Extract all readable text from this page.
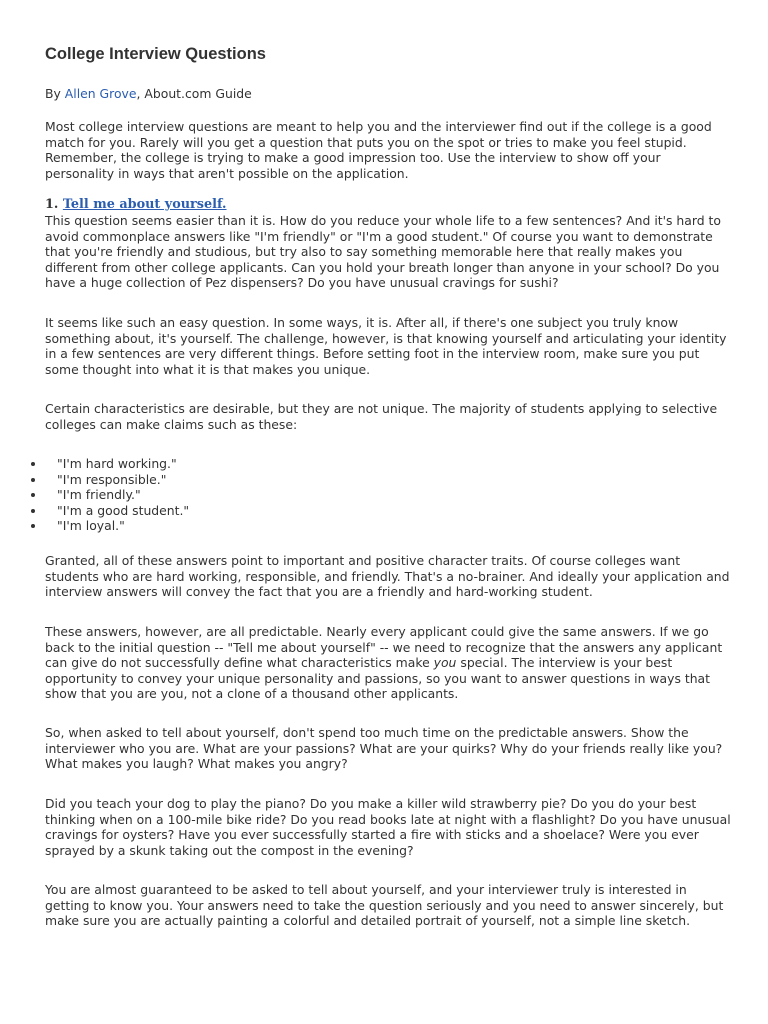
College Interview Questions

By Allen Grove, About.com Guide

Most college interview questions are meant to help you and the interviewer find out if the college is a good match for you. Rarely will you get a question that puts you on the spot or tries to make you feel stupid. Remember, the college is trying to make a good impression too. Use the interview to show off your personality in ways that aren't possible on the application.

1. Tell me about yourself.

This question seems easier than it is. How do you reduce your whole life to a few sentences? And it's hard to avoid commonplace answers like "I'm friendly" or "I'm a good student." Of course you want to demonstrate that you're friendly and studious, but try also to say something memorable here that really makes you different from other college applicants. Can you hold your breath longer than anyone in your school? Do you have a huge collection of Pez dispensers? Do you have unusual cravings for sushi?

It seems like such an easy question. In some ways, it is. After all, if there's one subject you truly know something about, it's yourself. The challenge, however, is that knowing yourself and articulating your identity in a few sentences are very different things. Before setting foot in the interview room, make sure you put some thought into what it is that makes you unique.

Certain characteristics are desirable, but they are not unique. The majority of students applying to selective colleges can make claims such as these:

"I'm hard working."
"I'm responsible."
"I'm friendly."
"I'm a good student."
"I'm loyal."

Granted, all of these answers point to important and positive character traits. Of course colleges want students who are hard working, responsible, and friendly. That's a no-brainer. And ideally your application and interview answers will convey the fact that you are a friendly and hard-working student.

These answers, however, are all predictable. Nearly every applicant could give the same answers. If we go back to the initial question -- "Tell me about yourself" -- we need to recognize that the answers any applicant can give do not successfully define what characteristics make you special. The interview is your best opportunity to convey your unique personality and passions, so you want to answer questions in ways that show that you are you, not a clone of a thousand other applicants.

So, when asked to tell about yourself, don't spend too much time on the predictable answers. Show the interviewer who you are. What are your passions? What are your quirks? Why do your friends really like you? What makes you laugh? What makes you angry?

Did you teach your dog to play the piano? Do you make a killer wild strawberry pie? Do you do your best thinking when on a 100-mile bike ride? Do you read books late at night with a flashlight? Do you have unusual cravings for oysters? Have you ever successfully started a fire with sticks and a shoelace? Were you ever sprayed by a skunk taking out the compost in the evening?

You are almost guaranteed to be asked to tell about yourself, and your interviewer truly is interested in getting to know you. Your answers need to take the question seriously and you need to answer sincerely, but make sure you are actually painting a colorful and detailed portrait of yourself, not a simple line sketch.
